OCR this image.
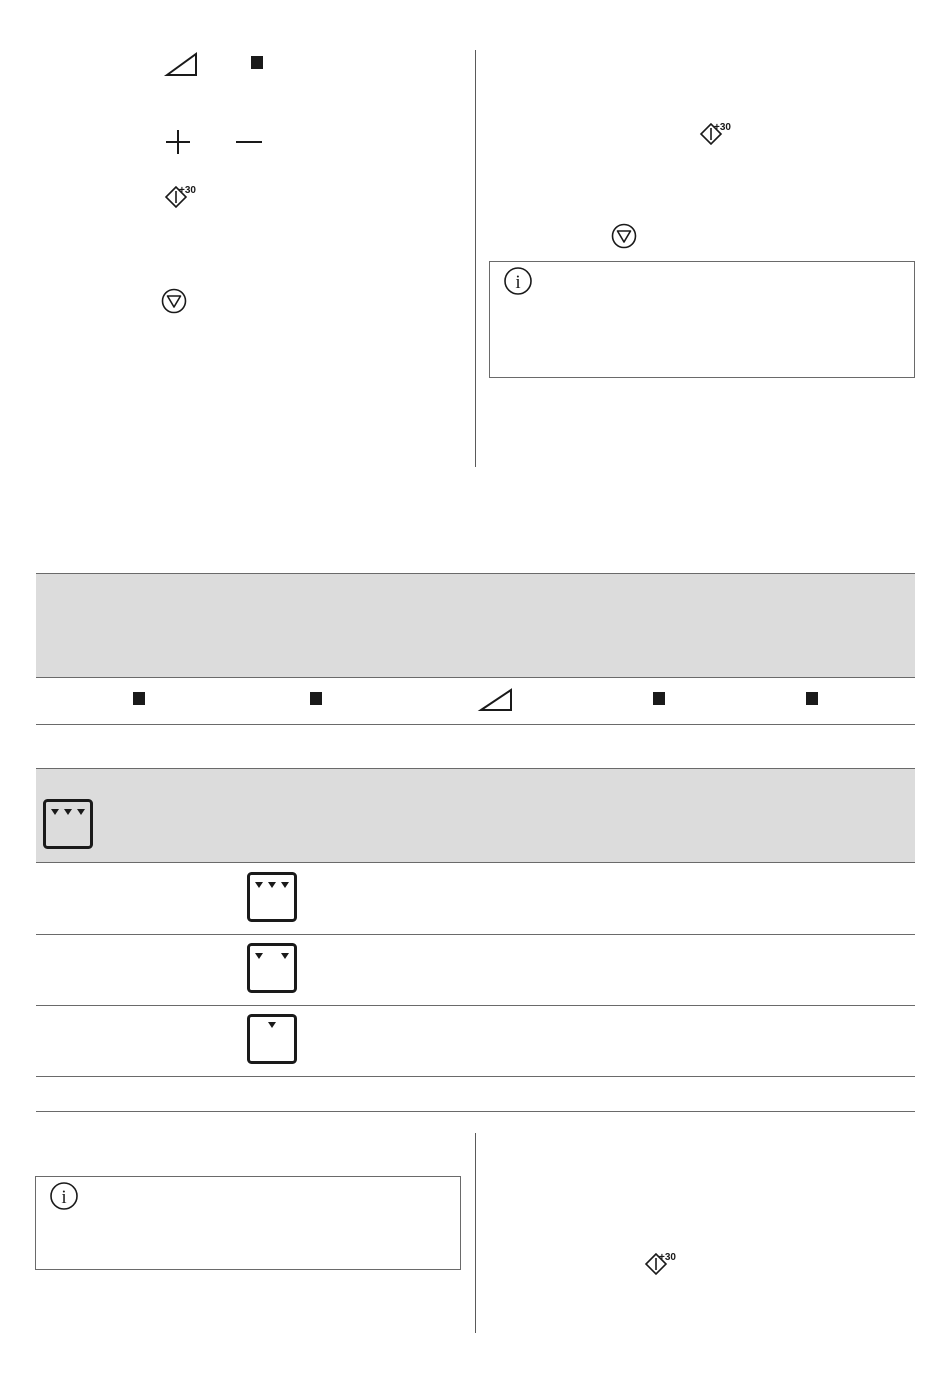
+30
+30
i
i
+30
